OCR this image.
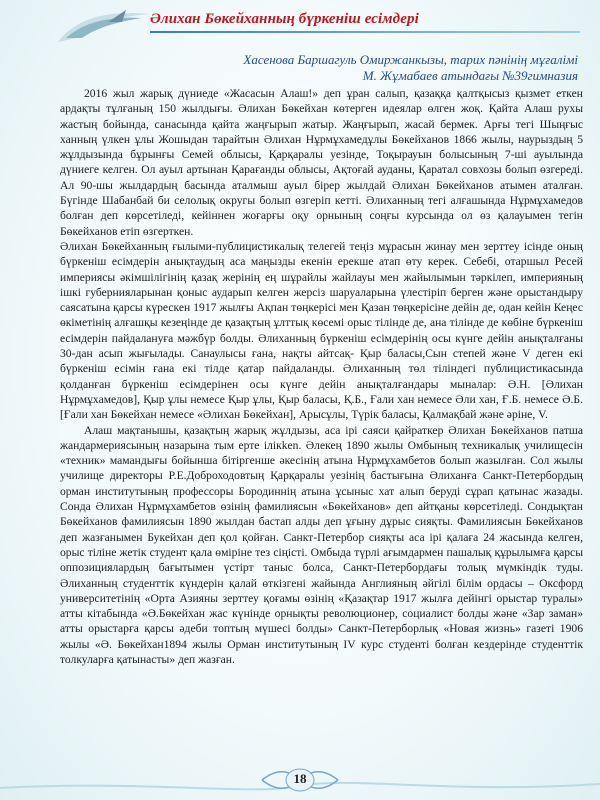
Әлихан Бөкейханның бүркеніш есімдері
Хасенова Баршагуль Омиржанкызы, тарих пәнінің мұғалімі
М. Жұмабаев атындағы №39гимназия

2016 жыл жарық дүниеде «Жасасын Алаш!» деп ұран салып, қазаққа қалтқысыз қызмет еткен ардақты тұлғаның 150 жылдығы. Әлихан Бөкейхан көтерген идеялар өлген жоқ. Қайта Алаш рухы жастың бойында, санасында қайта жаңғырып жатыр. Жаңғырып, жасай бермек. Арғы тегі Шыңғыс ханның үлкен ұлы Жошыдан тарайтын Әлихан Нұрмұхамедұлы Бөкейханов 1866 жылы, наурыздың 5 жұлдызында бұрынғы Семей облысы, Қарқаралы уезінде, Тоқырауын болысының 7-ші ауылында дүниеге келген. Ол ауыл артынан Қарағанды облысы, Ақтоғай ауданы, Қаратал совхозы болып өзгереді. Ал 90-шы жылдардың басында аталмыш ауыл бірер жылдай Әлихан Бөкейханов атымен аталған. Бүгінде Шабанбай би селолық округы болып өзгеріп кетті. Әлиханның тегі алғашында Нұрмұхамедов болған деп көрсетіледі, кейіннен жоғарғы оқу орнының соңғы курсында ол өз қалауымен тегін Бөкейханов етіп өзгерткен.

Әлихан Бөкейханның ғылыми-публицистикалық телегей теңіз мұрасын жинау мен зерттеу ісінде оның бүркеніш есімдерін анықтаудың аса маңызды екенін ерекше атап өту керек. Себебі, отаршыл Ресей империясы әкімшілігінің қазақ жерінің ең шұрайлы жайлауы мен жайылымын тәркілеп, империяның ішкі губернияларынан қоныс аударып келген жерсіз шаруаларына үлестіріп берген және орыстандыру саясатына қарсы күрескен 1917 жылғы Ақпан төңкерісі мен Қазан төңкерісіне дейін де, одан кейін Кеңес өкіметінің алғашқы кезеңінде де қазақтың ұлттық көсемі орыс тілінде де, ана тілінде де көбіне бүркеніш есімдерін пайдалануға мәжбүр болды. Әлиханның бүркеніш есімдерінің осы күнге дейін анықталғаны 30-дан асып жығылады. Санаулысы ғана, нақты айтсақ- Қыр баласы,Сын степей және V деген екі бүркеніш есімін ғана екі тілде қатар пайдаланды. Әлиханның төл тіліндегі публицистикасында қолданған бүркеніш есімдерінен осы күнге дейін анықталғандары мыналар: Ә.Н. [Әлихан Нұрмұхамедов], Қыр ұлы немесе Қыр ұлы, Қыр баласы, Қ.Б., Ғали хан немесе Әли хан, Ғ.Б. немесе Ә.Б. [Ғали хан Бөкейхан немесе «Әлихан Бөкейхан], Арысұлы, Түрік баласы, Қалмақбай және әріне, V.

Алаш мақтанышы, қазақтың жарық жұлдызы, аса ірі саяси қайраткер Әлихан Бөкейханов патша жандармериясының назарына тым ерте ілікken. Әлекең 1890 жылы Омбының техникалық училищесін «техник» мамандығы бойынша бітіргенше әкесінің атына Нұрмұхамбетов болып жазылған. Сол жылы училище директоры Р.Е.Доброходовтың Қарқаралы уезінің бастығына Әлиханға Санкт-Петербордың орман институтының профессоры Бородиннің атына ұсыныс хат алып беруді сұрап қатынас жазады. Сонда Әлихан Нұрмұхамбетов өзінің фамилиясын «Бөкейханов» деп айтқаны көрсетіледі. Сондықтан Бөкейханов фамилиясын 1890 жылдан бастап алды деп ұғыну дұрыс сияқты. Фамилиясын Бөкейханов деп жазғанымен Букейхан деп қол қойған. Санкт-Петербор сияқты аса ірі қалаға 24 жасында келген, орыс тіліне жетік студент қала өміріне тез сіңісті. Омбыда түрлі ағымдармен пашалық құрылымға қарсы оппозициялардың бағытымен үстірт таныс болса, Санкт-Петербордағы толық мүмкіндік туды. Әлиханның студенттік күндерін қалай өткізгені жайында Англияның әйгілі білім ордасы – Оксфорд университетінің «Орта Азияны зерттеу қоғамы өзінің «Қазақтар 1917 жылға дейінгі орыстар туралы» атты кітабында «Ә.Бөкейхан жас күнінде орнықты революционер, социалист болды және «Зар заман» атты орыстарға қарсы әдеби топтың мүшесі болды» Санкт-Петерборлық «Новая жизнь» газеті 1906 жылы «Ә. Бөкейхан1894 жылы Орман институтының IV курс студенті болған кездерінде студенттік толкуларға қатынасты» деп жазған.

18
